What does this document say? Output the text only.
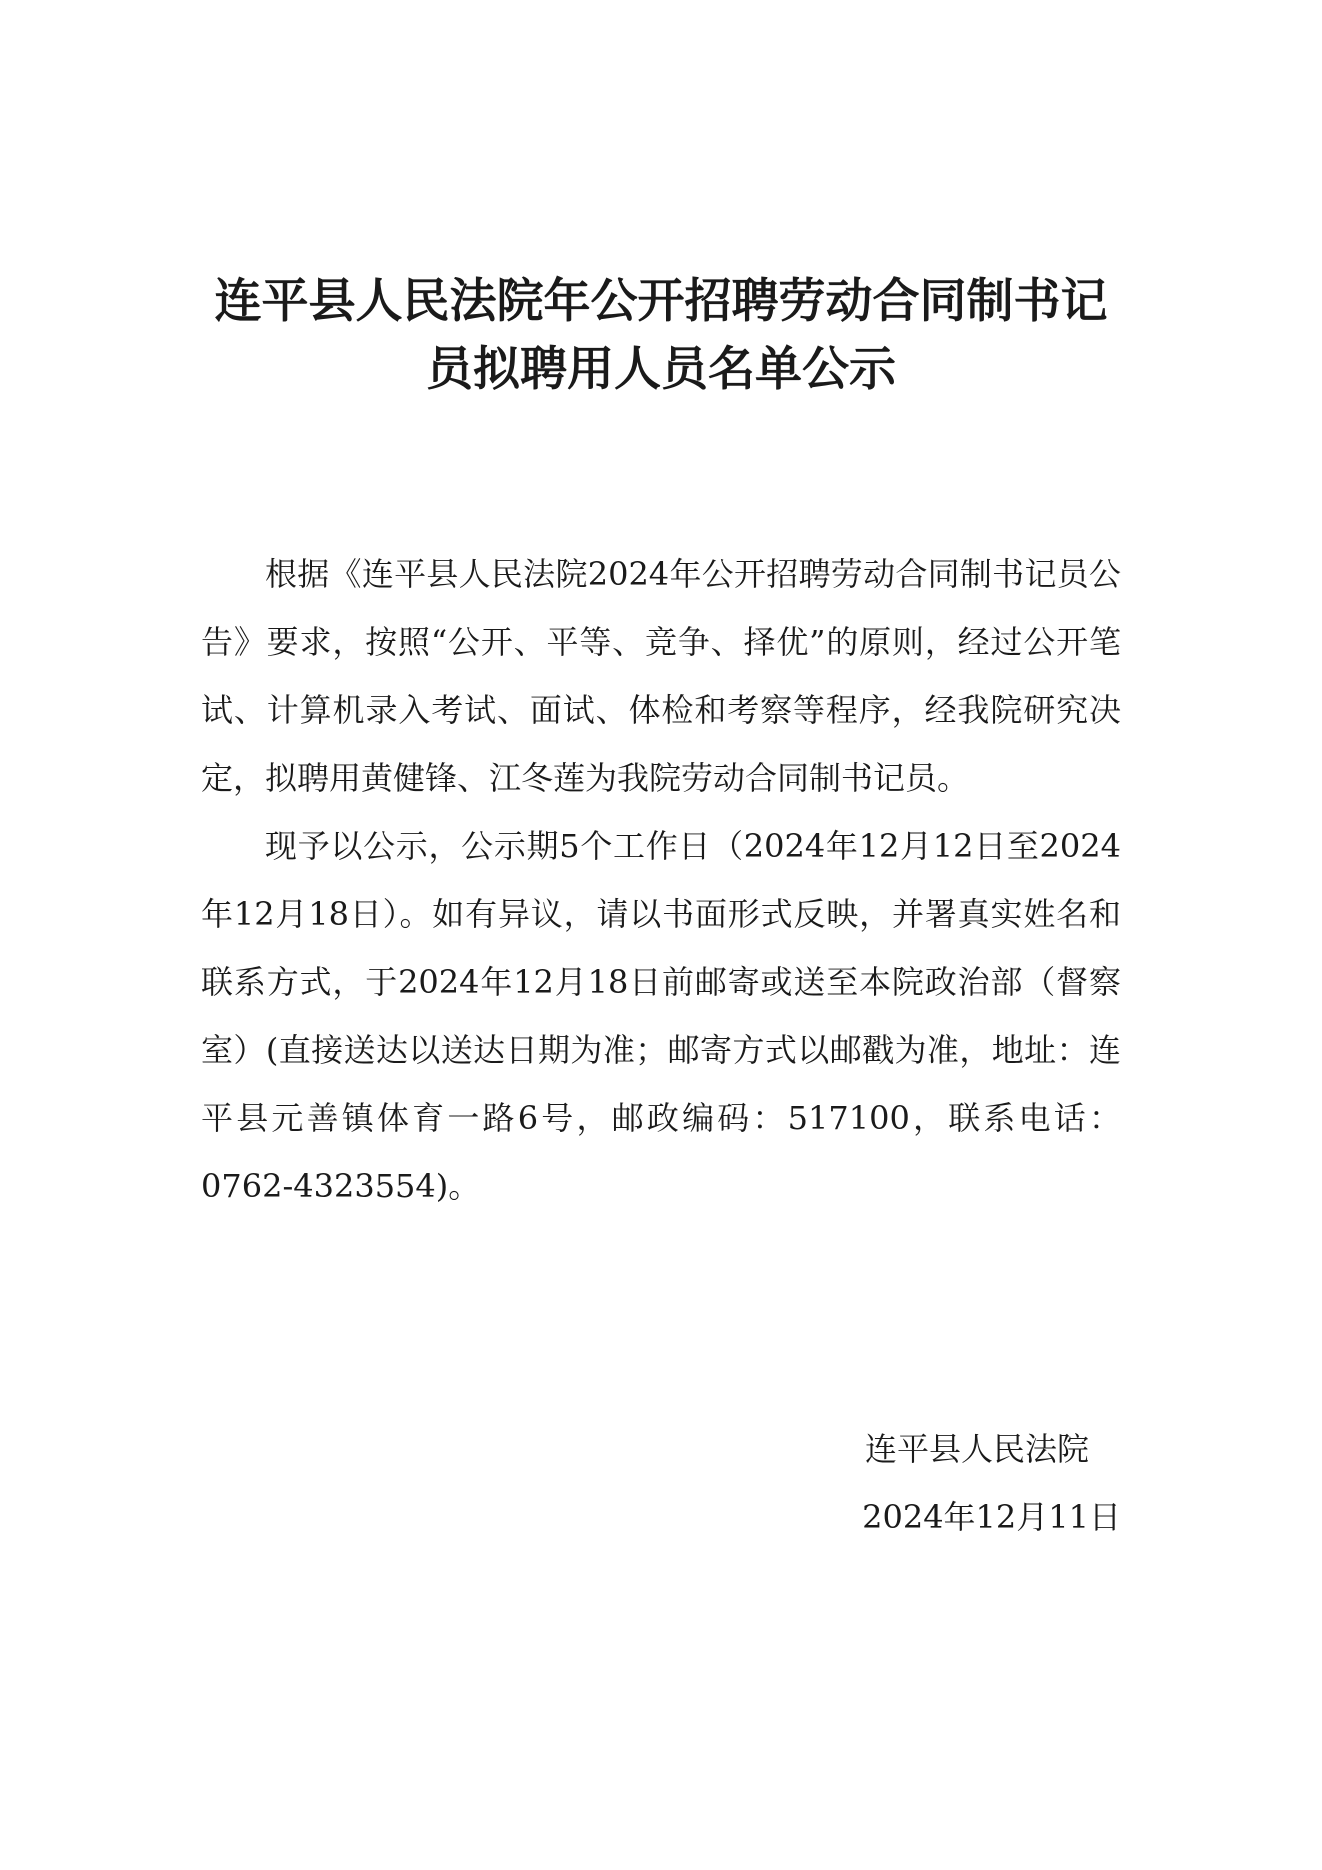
连平县人民法院年公开招聘劳动合同制书记
员拟聘用人员名单公示

根据《连平县人民法院2024年公开招聘劳动合同制书记员公告》要求，按照“公开、平等、竞争、择优”的原则，经过公开笔试、计算机录入考试、面试、体检和考察等程序，经我院研究决定，拟聘用黄健锋、江冬莲为我院劳动合同制书记员。

现予以公示，公示期5个工作日（2024年12月12日至2024年12月18日）。如有异议，请以书面形式反映，并署真实姓名和联系方式，于2024年12月18日前邮寄或送至本院政治部（督察室）(直接送达以送达日期为准；邮寄方式以邮戳为准，地址：连平县元善镇体育一路6号，邮政编码：517100，联系电话：0762-4323554)。

连平县人民法院
2024年12月11日
